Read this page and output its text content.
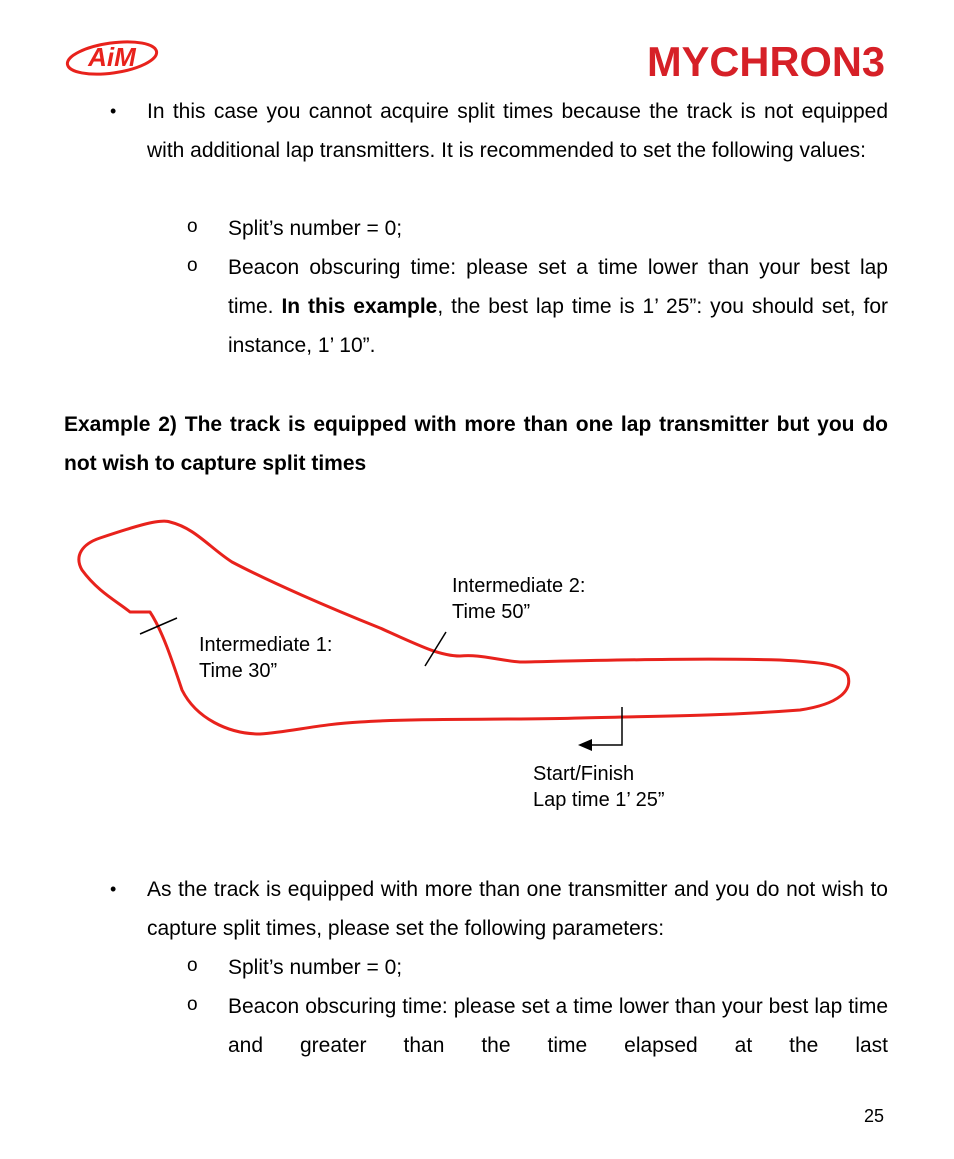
AiM	MYCHRON3
• In this case you cannot acquire split times because the track is not equipped with additional lap transmitters. It is recommended to set the following values:
o Split’s number = 0;
o Beacon obscuring time: please set a time lower than your best lap time. In this example, the best lap time is 1’ 25”: you should set, for instance, 1’ 10”.
Example 2) The track is equipped with more than one lap transmitter but you do not wish to capture split times
Intermediate 2:
Time 50”
Intermediate 1:
Time 30”
Start/Finish
Lap time 1’ 25”
• As the track is equipped with more than one transmitter and you do not wish to capture split times, please set the following parameters:
o Split’s number = 0;
o Beacon obscuring time: please set a time lower than your best lap time and greater than the time elapsed at the last
25
